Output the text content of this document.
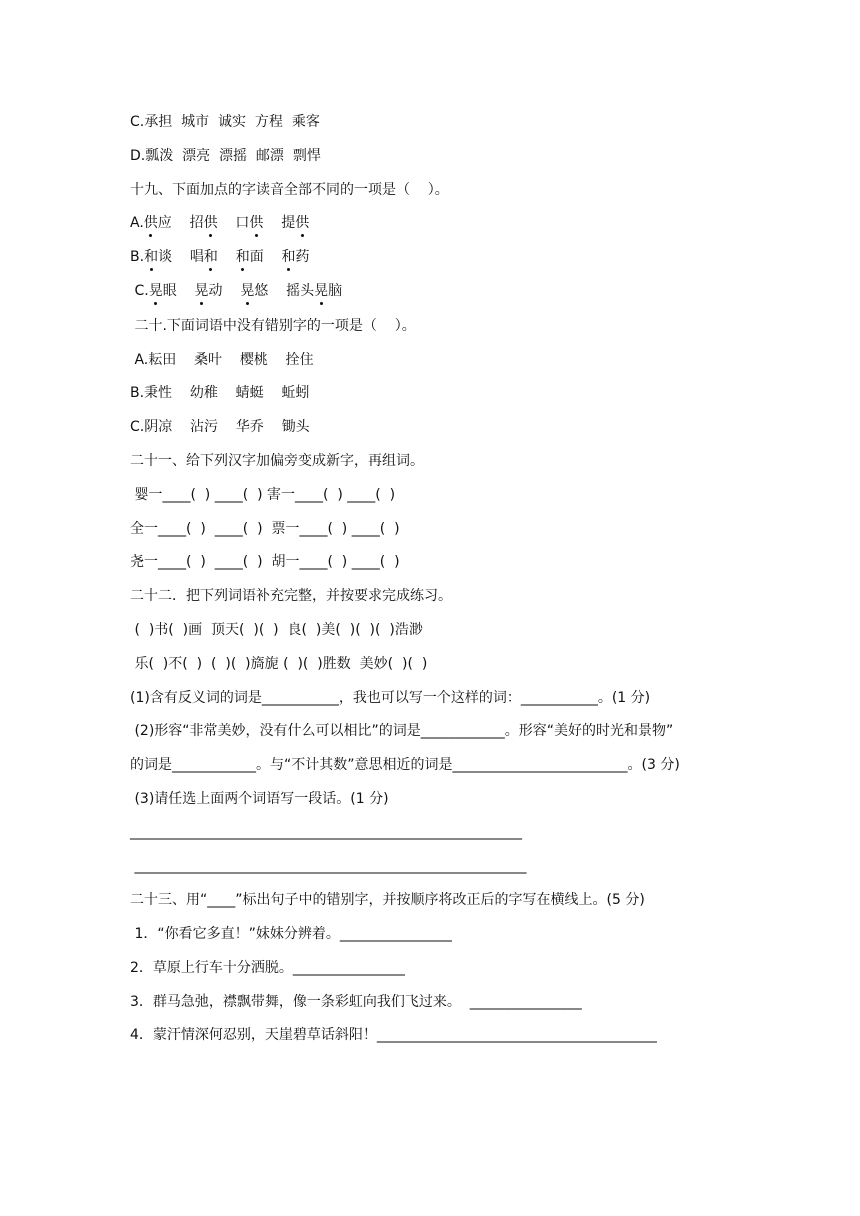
C.承担  城市  诚实  方程  乘客
D.瓢泼  漂亮  漂摇  邮漂  剽悍
十九、下面加点的字读音全部不同的一项是（    ）。
A.供应    招供    口供    提供
B.和谈    唱和 和面    和药
C.晃眼    晃动    晃悠    摇头晃脑
二十.下面词语中没有错别字的一项是（    ）。
A.耘田    桑叶    樱桃    拴住
B.秉性    幼稚    蜻蜓    蚯蚓
C.阴凉    沾污    华乔    锄头
二十一、给下列汉字加偏旁变成新字，再组词。
婴一____(  ) ____(  ) 害一____(  ) ____(  )
全一____(  )  ____(  )  票一____(  ) ____(  )
尧一____(  )  ____(  )  胡一____(  ) ____(  )
二十二．把下列词语补充完整，并按要求完成练习。
(  )书(  )画  顶天(  )(  )  良(  )美(  )(  )(  )浩渺
乐(  )不(  )  (  )(  )旖旎 (  )(  )胜数  美妙(  )(  )
(1)含有反义词的词是___________，我也可以写一个这样的词：___________。(1 分)
(2)形容“非常美妙，没有什么可以相比”的词是____________。形容“美好的时光和景物”
的词是____________。与“不计其数”意思相近的词是_________________________。(3 分)
(3)请任选上面两个词语写一段话。(1 分)
________________________________________________________
________________________________________________________
二十三、用“____”标出句子中的错别字，并按顺序将改正后的字写在横线上。(5 分)
1．“你看它多直！”妹妹分辨着。________________
2．草原上行车十分洒脱。________________
3．群马急弛，襟飘带舞，像一条彩虹向我们飞过来。  ________________
4．蒙汗情深何忍别，天崖碧草话斜阳！________________________________________
